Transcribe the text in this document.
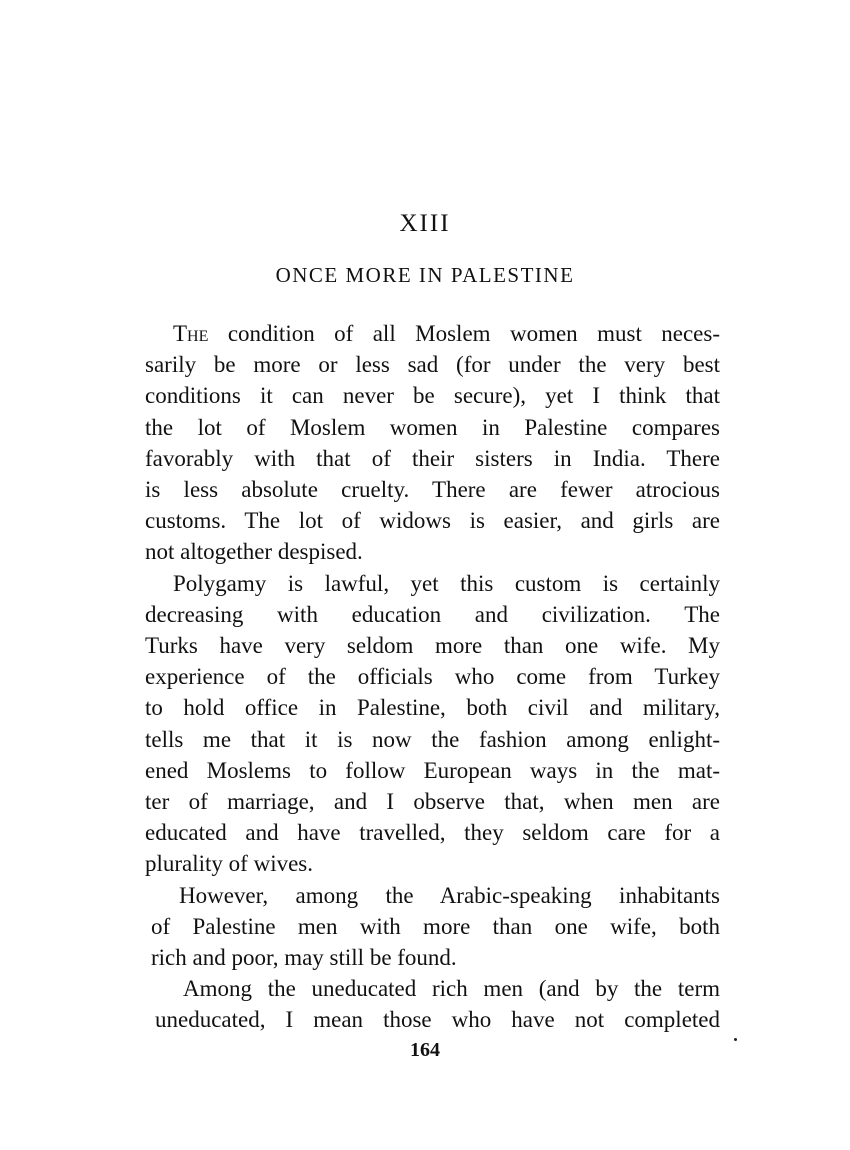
XIII
ONCE MORE IN PALESTINE
The condition of all Moslem women must neces-
sarily be more or less sad (for under the very best
conditions it can never be secure), yet I think that
the lot of Moslem women in Palestine compares
favorably with that of their sisters in India. There
is less absolute cruelty. There are fewer atrocious
customs. The lot of widows is easier, and girls are
not altogether despised.
Polygamy is lawful, yet this custom is certainly
decreasing with education and civilization. The
Turks have very seldom more than one wife. My
experience of the officials who come from Turkey
to hold office in Palestine, both civil and military,
tells me that it is now the fashion among enlight-
ened Moslems to follow European ways in the mat-
ter of marriage, and I observe that, when men are
educated and have travelled, they seldom care for a
plurality of wives.
However, among the Arabic-speaking inhabitants
of Palestine men with more than one wife, both
rich and poor, may still be found.
Among the uneducated rich men (and by the term
uneducated, I mean those who have not completed
164
